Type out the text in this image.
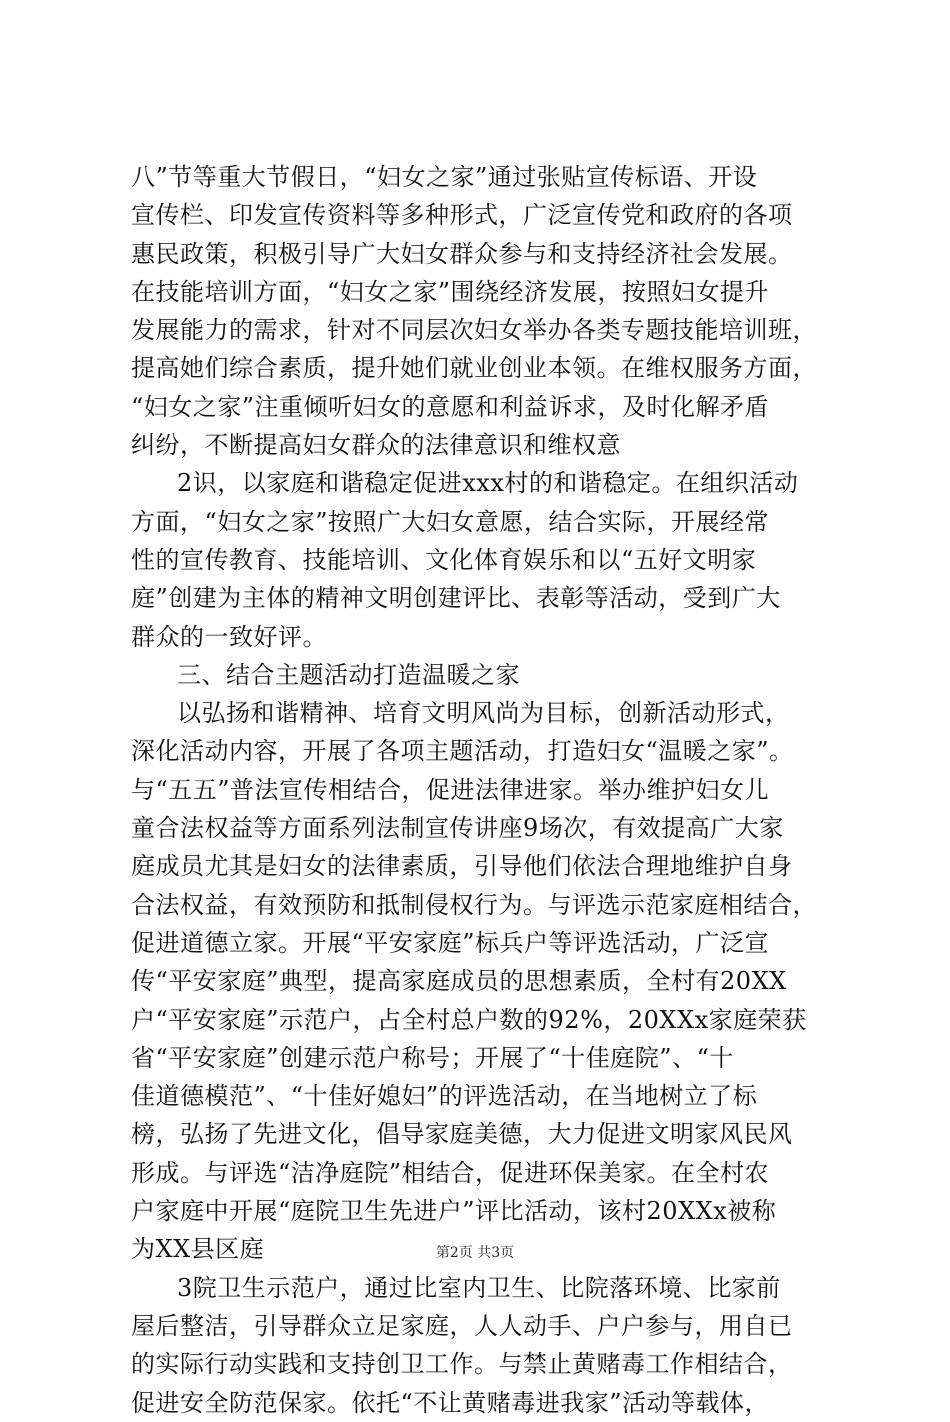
八”节等重大节假日，“妇女之家”通过张贴宣传标语、开设
宣传栏、印发宣传资料等多种形式，广泛宣传党和政府的各项
惠民政策，积极引导广大妇女群众参与和支持经济社会发展。
在技能培训方面，“妇女之家”围绕经济发展，按照妇女提升
发展能力的需求，针对不同层次妇女举办各类专题技能培训班，
提高她们综合素质，提升她们就业创业本领。在维权服务方面，
“妇女之家”注重倾听妇女的意愿和利益诉求，及时化解矛盾
纠纷，不断提高妇女群众的法律意识和维权意
2识，以家庭和谐稳定促进xxx村的和谐稳定。在组织活动
方面，“妇女之家”按照广大妇女意愿，结合实际，开展经常
性的宣传教育、技能培训、文化体育娱乐和以“五好文明家
庭”创建为主体的精神文明创建评比、表彰等活动，受到广大
群众的一致好评。
三、结合主题活动打造温暖之家
以弘扬和谐精神、培育文明风尚为目标，创新活动形式，
深化活动内容，开展了各项主题活动，打造妇女“温暖之家”。
与“五五”普法宣传相结合，促进法律进家。举办维护妇女儿
童合法权益等方面系列法制宣传讲座9场次，有效提高广大家
庭成员尤其是妇女的法律素质，引导他们依法合理地维护自身
合法权益，有效预防和抵制侵权行为。与评选示范家庭相结合，
促进道德立家。开展“平安家庭”标兵户等评选活动，广泛宣
传“平安家庭”典型，提高家庭成员的思想素质，全村有20XX
户“平安家庭”示范户，占全村总户数的92%，20XXx家庭荣获
省“平安家庭”创建示范户称号；开展了“十佳庭院”、“十
佳道德模范”、“十佳好媳妇”的评选活动，在当地树立了标
榜，弘扬了先进文化，倡导家庭美德，大力促进文明家风民风
形成。与评选“洁净庭院”相结合，促进环保美家。在全村农
户家庭中开展“庭院卫生先进户”评比活动，该村20XXx被称
为XX县区庭
3院卫生示范户，通过比室内卫生、比院落环境、比家前
屋后整洁，引导群众立足家庭，人人动手、户户参与，用自已
的实际行动实践和支持创卫工作。与禁止黄赌毒工作相结合，
促进安全防范保家。依托“不让黄赌毒进我家”活动等载体，
第2页 共3页
